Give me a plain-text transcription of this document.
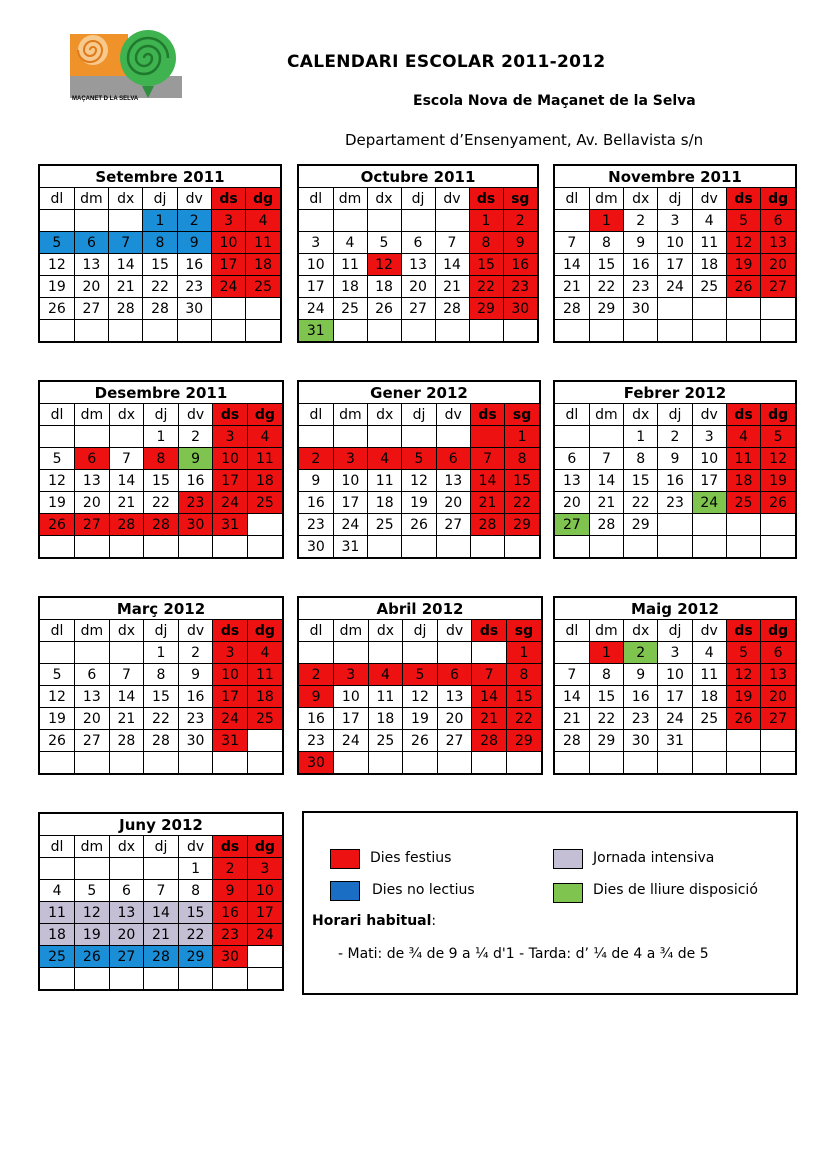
MAÇANET D LA SELVA
CALENDARI ESCOLAR 2011-2012
Escola Nova de Maçanet de la Selva
Departament d’Ensenyament, Av. Bellavista s/n
Setembre 2011						
dl	dm	dx	dj	dv	ds	dg
			1	2	3	4
5	6	7	8	9	10	11
12	13	14	15	16	17	18
19	20	21	22	23	24	25
26	27	28	28	30		

Octubre 2011						
dl	dm	dx	dj	dv	ds	sg
					1	2
3	4	5	6	7	8	9
10	11	12	13	14	15	16
17	18	18	20	21	22	23
24	25	26	27	28	29	30
31						
Novembre 2011						
dl	dm	dx	dj	dv	ds	dg
	1	2	3	4	5	6
7	8	9	10	11	12	13
14	15	16	17	18	19	20
21	22	23	24	25	26	27
28	29	30				

Desembre 2011						
dl	dm	dx	dj	dv	ds	dg
			1	2	3	4
5	6	7	8	9	10	11
12	13	14	15	16	17	18
19	20	21	22	23	24	25
26	27	28	28	30	31	

Gener 2012						
dl	dm	dx	dj	dv	ds	sg
						1
2	3	4	5	6	7	8
9	10	11	12	13	14	15
16	17	18	19	20	21	22
23	24	25	26	27	28	29
30	31					
Febrer 2012						
dl	dm	dx	dj	dv	ds	dg
		1	2	3	4	5
6	7	8	9	10	11	12
13	14	15	16	17	18	19
20	21	22	23	24	25	26
27	28	29				

Març 2012						
dl	dm	dx	dj	dv	ds	dg
			1	2	3	4
5	6	7	8	9	10	11
12	13	14	15	16	17	18
19	20	21	22	23	24	25
26	27	28	28	30	31	

Abril 2012						
dl	dm	dx	dj	dv	ds	sg
						1
2	3	4	5	6	7	8
9	10	11	12	13	14	15
16	17	18	19	20	21	22
23	24	25	26	27	28	29
30						
Maig 2012						
dl	dm	dx	dj	dv	ds	dg
	1	2	3	4	5	6
7	8	9	10	11	12	13
14	15	16	17	18	19	20
21	22	23	24	25	26	27
28	29	30	31			

Juny 2012						
dl	dm	dx	dj	dv	ds	dg
				1	2	3
4	5	6	7	8	9	10
11	12	13	14	15	16	17
18	19	20	21	22	23	24
25	26	27	28	29	30	

Dies festius
Dies no lectius
Jornada intensiva
Dies de lliure disposició
Horari habitual:
- Mati: de ¾ de 9 a ¼ d'1 - Tarda: d’ ¼ de 4 a ¾ de 5
